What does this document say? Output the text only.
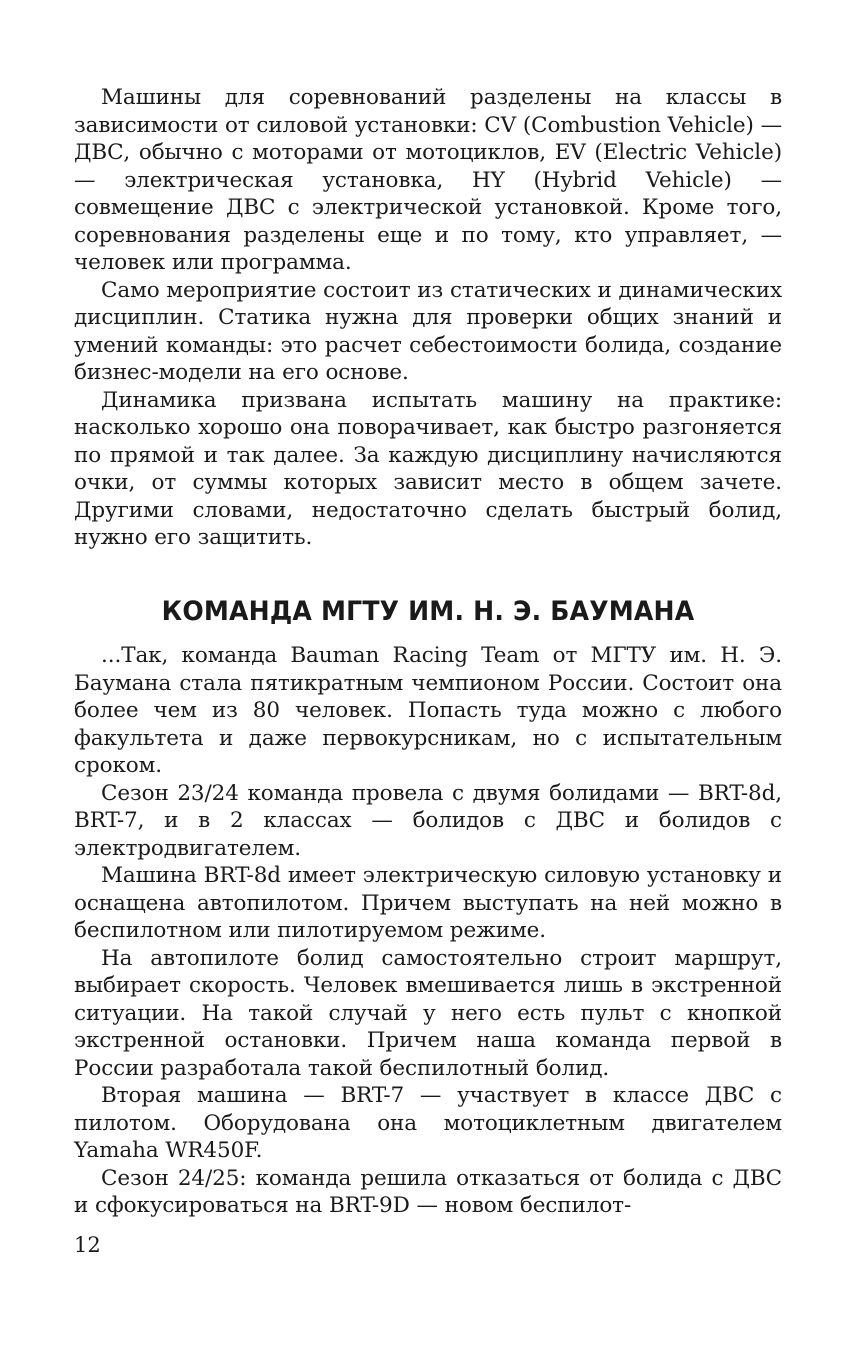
Машины для соревнований разделены на классы в зависимости от силовой установки: CV (Combustion Vehicle) — ДВС, обычно с моторами от мотоциклов, EV (Electric Vehicle) — электрическая установка, HY (Hybrid Vehicle) — совмещение ДВС с электрической установкой. Кроме того, соревнования разделены еще и по тому, кто управляет, — человек или программа.

Само мероприятие состоит из статических и динамических дисциплин. Статика нужна для проверки общих знаний и умений команды: это расчет себестоимости болида, создание бизнес-модели на его основе.

Динамика призвана испытать машину на практике: насколько хорошо она поворачивает, как быстро разгоняется по прямой и так далее. За каждую дисциплину начисляются очки, от суммы которых зависит место в общем зачете. Другими словами, недостаточно сделать быстрый болид, нужно его защитить.

КОМАНДА МГТУ ИМ. Н. Э. БАУМАНА

...Так, команда Bauman Racing Team от МГТУ им. Н. Э. Баумана стала пятикратным чемпионом России. Состоит она более чем из 80 человек. Попасть туда можно с любого факультета и даже первокурсникам, но с испытательным сроком.

Сезон 23/24 команда провела с двумя болидами — BRT-8d, BRT-7, и в 2 классах — болидов с ДВС и болидов с электродвигателем.

Машина BRT-8d имеет электрическую силовую установку и оснащена автопилотом. Причем выступать на ней можно в беспилотном или пилотируемом режиме.

На автопилоте болид самостоятельно строит маршрут, выбирает скорость. Человек вмешивается лишь в экстренной ситуации. На такой случай у него есть пульт с кнопкой экстренной остановки. Причем наша команда первой в России разработала такой беспилотный болид.

Вторая машина — BRT-7 — участвует в классе ДВС с пилотом. Оборудована она мотоциклетным двигателем Yamaha WR450F.

Сезон 24/25: команда решила отказаться от болида с ДВС и сфокусироваться на BRT-9D — новом беспилот-

12
